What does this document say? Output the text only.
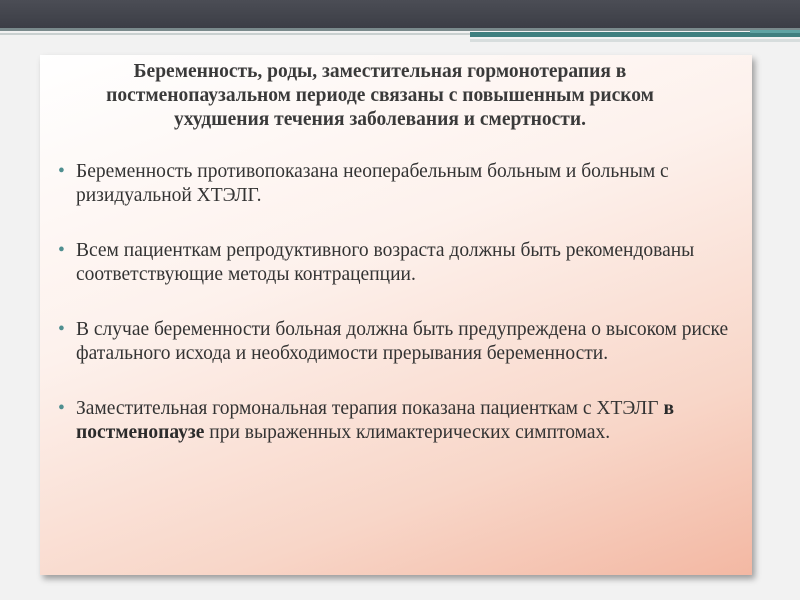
Беременность, роды, заместительная гормонотерапия в постменопаузальном периоде связаны с повышенным риском ухудшения течения заболевания и смертности.
• Беременность противопоказана неоперабельным больным и больным с ризидуальной ХТЭЛГ.
• Всем пациенткам репродуктивного возраста должны быть рекомендованы соответствующие методы контрацепции.
• В случае беременности больная должна быть предупреждена о высоком риске фатального исхода и необходимости прерывания беременности.
• Заместительная гормональная терапия показана пациенткам с ХТЭЛГ в постменопаузе при выраженных климактерических симптомах.
